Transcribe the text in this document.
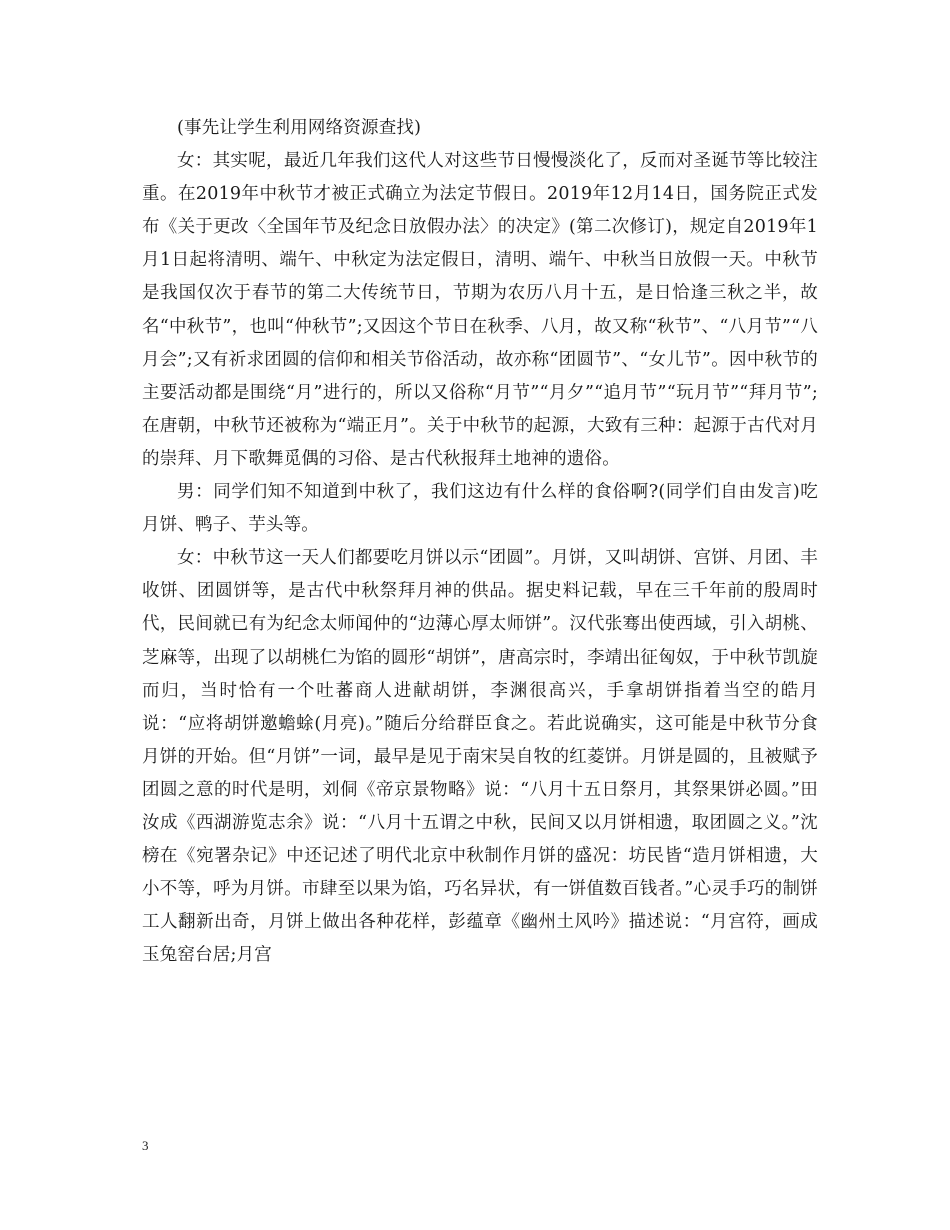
(事先让学生利用网络资源查找)

女：其实呢，最近几年我们这代人对这些节日慢慢淡化了，反而对圣诞节等比较注重。在2019年中秋节才被正式确立为法定节假日。2019年12月14日，国务院正式发布《关于更改〈全国年节及纪念日放假办法〉的决定》(第二次修订)，规定自2019年1月1日起将清明、端午、中秋定为法定假日，清明、端午、中秋当日放假一天。中秋节是我国仅次于春节的第二大传统节日，节期为农历八月十五，是日恰逢三秋之半，故名“中秋节”，也叫“仲秋节”;又因这个节日在秋季、八月，故又称“秋节”、“八月节”“八月会”;又有祈求团圆的信仰和相关节俗活动，故亦称“团圆节”、“女儿节”。因中秋节的主要活动都是围绕“月”进行的，所以又俗称“月节”“月夕”“追月节”“玩月节”“拜月节”;在唐朝，中秋节还被称为“端正月”。关于中秋节的起源，大致有三种：起源于古代对月的崇拜、月下歌舞觅偶的习俗、是古代秋报拜土地神的遗俗。

男：同学们知不知道到中秋了，我们这边有什么样的食俗啊?(同学们自由发言)吃月饼、鸭子、芋头等。

女：中秋节这一天人们都要吃月饼以示“团圆”。月饼，又叫胡饼、宫饼、月团、丰收饼、团圆饼等，是古代中秋祭拜月神的供品。据史料记载，早在三千年前的殷周时代，民间就已有为纪念太师闻仲的“边薄心厚太师饼”。汉代张骞出使西域，引入胡桃、芝麻等，出现了以胡桃仁为馅的圆形“胡饼”，唐高宗时，李靖出征匈奴，于中秋节凯旋而归，当时恰有一个吐蕃商人进献胡饼，李渊很高兴，手拿胡饼指着当空的皓月说：“应将胡饼邀蟾蜍(月亮)。”随后分给群臣食之。若此说确实，这可能是中秋节分食月饼的开始。但“月饼”一词，最早是见于南宋吴自牧的红菱饼。月饼是圆的，且被赋予团圆之意的时代是明，刘侗《帝京景物略》说：“八月十五日祭月，其祭果饼必圆。”田汝成《西湖游览志余》说：“八月十五谓之中秋，民间又以月饼相遗，取团圆之义。”沈榜在《宛署杂记》中还记述了明代北京中秋制作月饼的盛况：坊民皆“造月饼相遗，大小不等，呼为月饼。市肆至以果为馅，巧名异状，有一饼值数百钱者。”心灵手巧的制饼工人翻新出奇，月饼上做出各种花样，彭蕴章《幽州土风吟》描述说：“月宫符，画成玉兔窑台居;月宫

3
